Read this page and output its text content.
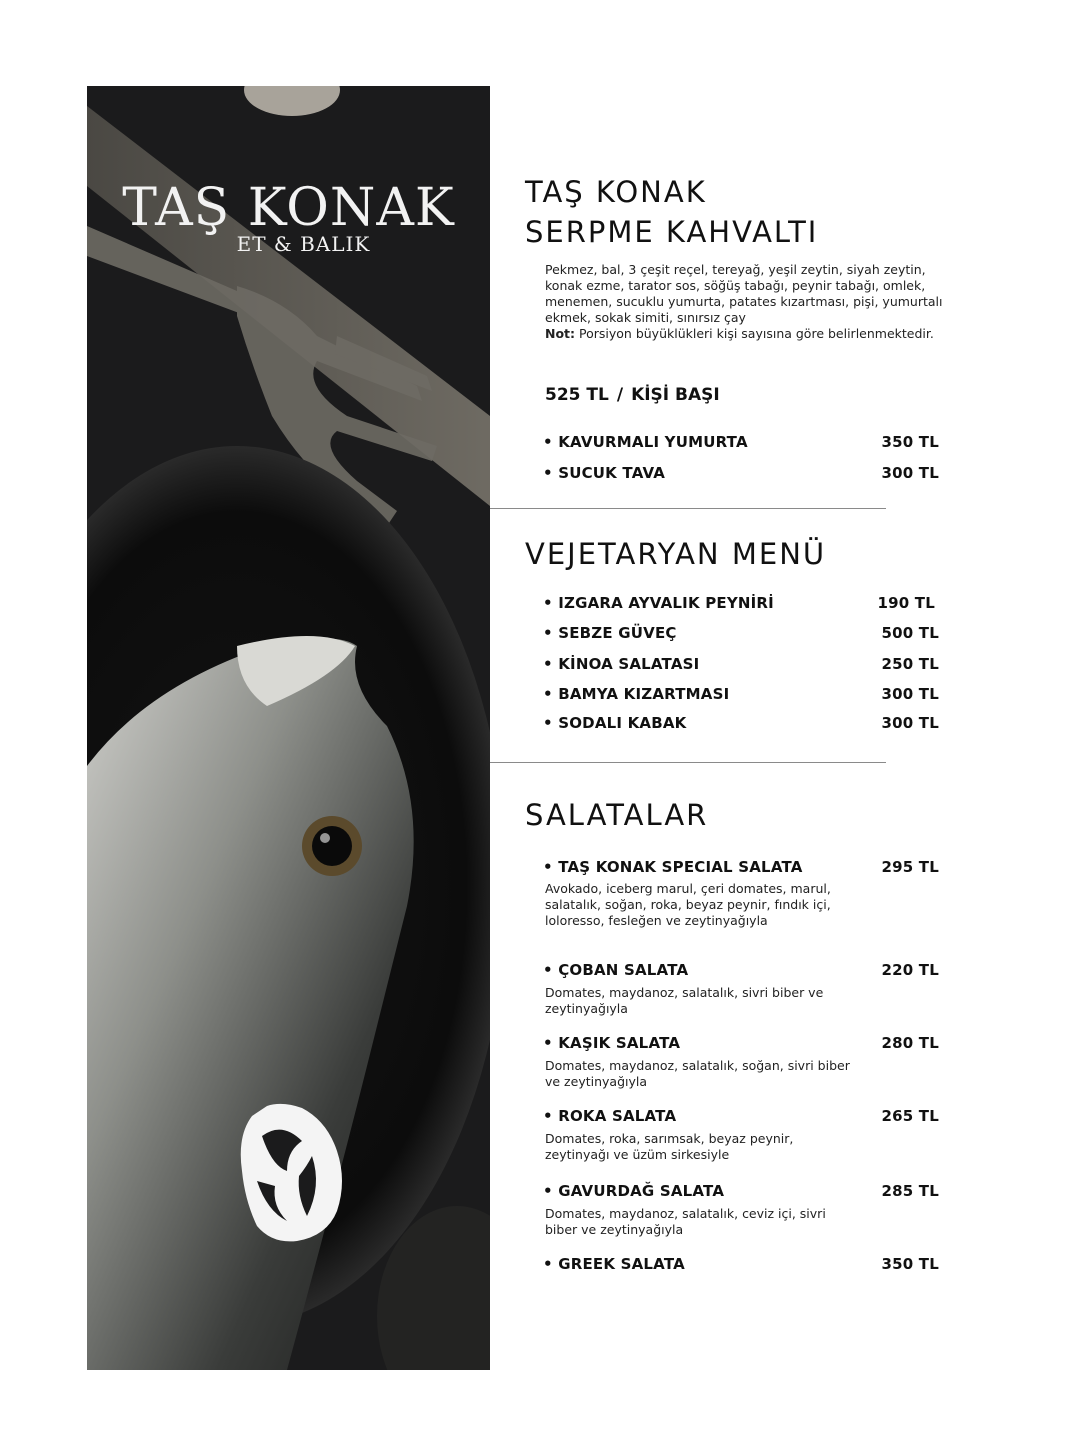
TAŞ KONAK
ET & BALIK
TAŞ KONAK
SERPME KAHVALTI

Pekmez, bal, 3 çeşit reçel, tereyağ, yeşil zeytin, siyah zeytin, konak ezme, tarator sos, söğüş tabağı, peynir tabağı, omlek, menemen, sucuklu yumurta, patates kızartması, pişi, yumurtalı ekmek, sokak simiti, sınırsız çay
Not: Porsiyon büyüklükleri kişi sayısına göre belirlenmektedir.

525 TL / KİŞİ BAŞI
• KAVURMALI YUMURTA	350 TL
• SUCUK TAVA	300 TL
VEJETARYAN MENÜ
• IZGARA AYVALIK PEYNİRİ	190 TL
• SEBZE GÜVEÇ	500 TL
• KİNOA SALATASI	250 TL
• BAMYA KIZARTMASI	300 TL
• SODALI KABAK	300 TL
SALATALAR
• TAŞ KONAK SPECIAL SALATA	295 TL

Avokado, iceberg marul, çeri domates, marul, salatalık, soğan, roka, beyaz peynir, fındık içi, loloresso, fesleğen ve zeytinyağıyla

• ÇOBAN SALATA	220 TL

Domates, maydanoz, salatalık, sivri biber ve zeytinyağıyla

• KAŞIK SALATA	280 TL

Domates, maydanoz, salatalık, soğan, sivri biber ve zeytinyağıyla

• ROKA SALATA	265 TL

Domates, roka, sarımsak, beyaz peynir, zeytinyağı ve üzüm sirkesiyle

• GAVURDAĞ SALATA	285 TL

Domates, maydanoz, salatalık, ceviz içi, sivri biber ve zeytinyağıyla

• GREEK SALATA	350 TL
